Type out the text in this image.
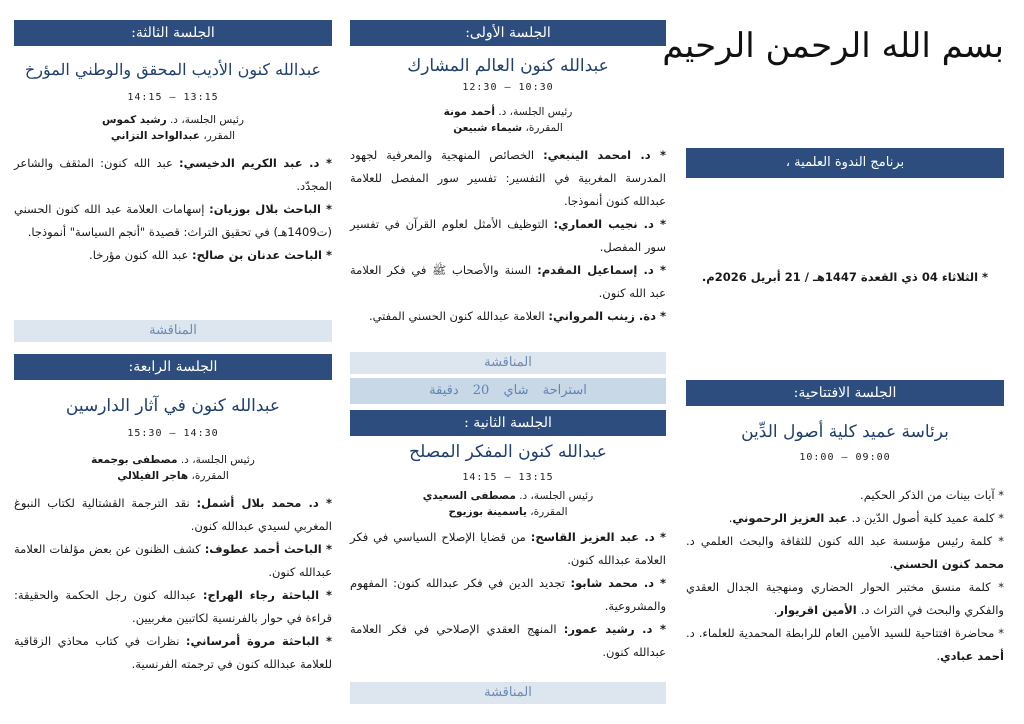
الجلسة الثالثة:
عبدالله كنون الأديب المحقق والوطني المؤرخ
13:15 – 14:15
رئيس الجلسة، د. رشيد كموس
المقرر، عبدالواحد التزاني
* د. عبد الكريم الدخيسي: عبد الله كنون: المثقف والشاعر المجدّد.
* الباحث بلال بوزيان: إسهامات العلامة عبد الله كنون الحسني (ت1409هـ) في تحقيق التراث: قصيدة "أنجم السياسة" أنموذجا.
* الباحث عدنان بن صالح: عبد الله كنون مؤرخا.
المناقشة
الجلسة الرابعة:
عبدالله كنون في آثار الدارسين
14:30 – 15:30
رئيس الجلسة، د. مصطفى بوجمعة
المقررة، هاجر الفيلالي
* د. محمد بلال أشمل: نقد الترجمة القشتالية لكتاب النبوغ المغربي لسيدي عبدالله كنون.
* الباحث أحمد عطوف: كشف الظنون عن بعض مؤلفات العلامة عبدالله كنون.
* الباحثة رجاء الهراج: عبدالله كنون رجل الحكمة والحقيقة: قراءة في حوار بالفرنسية لكاتبين مغربيين.
* الباحثة مروة أمرساني: نظرات في كتاب محاذي الزقاقية للعلامة عبدالله كنون في ترجمته الفرنسية.
الجلسة الأولى:
عبدالله كنون العالم المشارك
10:30 – 12:30
رئيس الجلسة، د. أحمد مونة
المقررة، شيماء شبيعن
* د. امحمد الينبعي: الخصائص المنهجية والمعرفية لجهود المدرسة المغربية في التفسير: تفسير سور المفصل للعلامة عبدالله كنون أنموذجا.
* د. نجيب العماري: التوظيف الأمثل لعلوم القرآن في تفسير سور المفصل.
* د. إسماعيل المقدم: السنة والأصحاب ﷺ في فكر العلامة عبد الله كنون.
* دة. زينب المرواني: العلامة عبدالله كنون الحسني المفتي.
المناقشة
استراحة شاي 20 دقيقة
الجلسة الثانية :
عبدالله كنون المفكر المصلح
13:15 – 14:15
رئيس الجلسة، د. مصطفى السعيدي
المقررة، ياسمينة بوزيوح
* د. عبد العزيز القاسح: من قضايا الإصلاح السياسي في فكر العلامة عبدالله كنون.
* د. محمد شابو: تجديد الدين في فكر عبدالله كنون: المفهوم والمشروعية.
* د. رشيد عمور: المنهج العقدي الإصلاحي في فكر العلامة عبدالله كنون.
المناقشة
بسم الله الرحمن الرحيم
برنامج الندوة العلمية ،
* الثلاثاء 04 ذي القعدة 1447هـ / 21 أبريل 2026م.
الجلسة الافتتاحية:
برئاسة عميد كلية أصول الدِّين
09:00 – 10:00
* آيات بينات من الذكر الحكيم.
* كلمة عميد كلية أصول الدّين د. عبد العزيز الرحموني.
* كلمة رئيس مؤسسة عبد الله كنون للثقافة والبحث العلمي د. محمد كنون الحسني.
* كلمة منسق مختبر الحوار الحضاري ومنهجية الجدال العقدي والفكري والبحث في التراث د. الأمين اقريوار.
* محاضرة افتتاحية للسيد الأمين العام للرابطة المحمدية للعلماء. د. أحمد عبادي.
